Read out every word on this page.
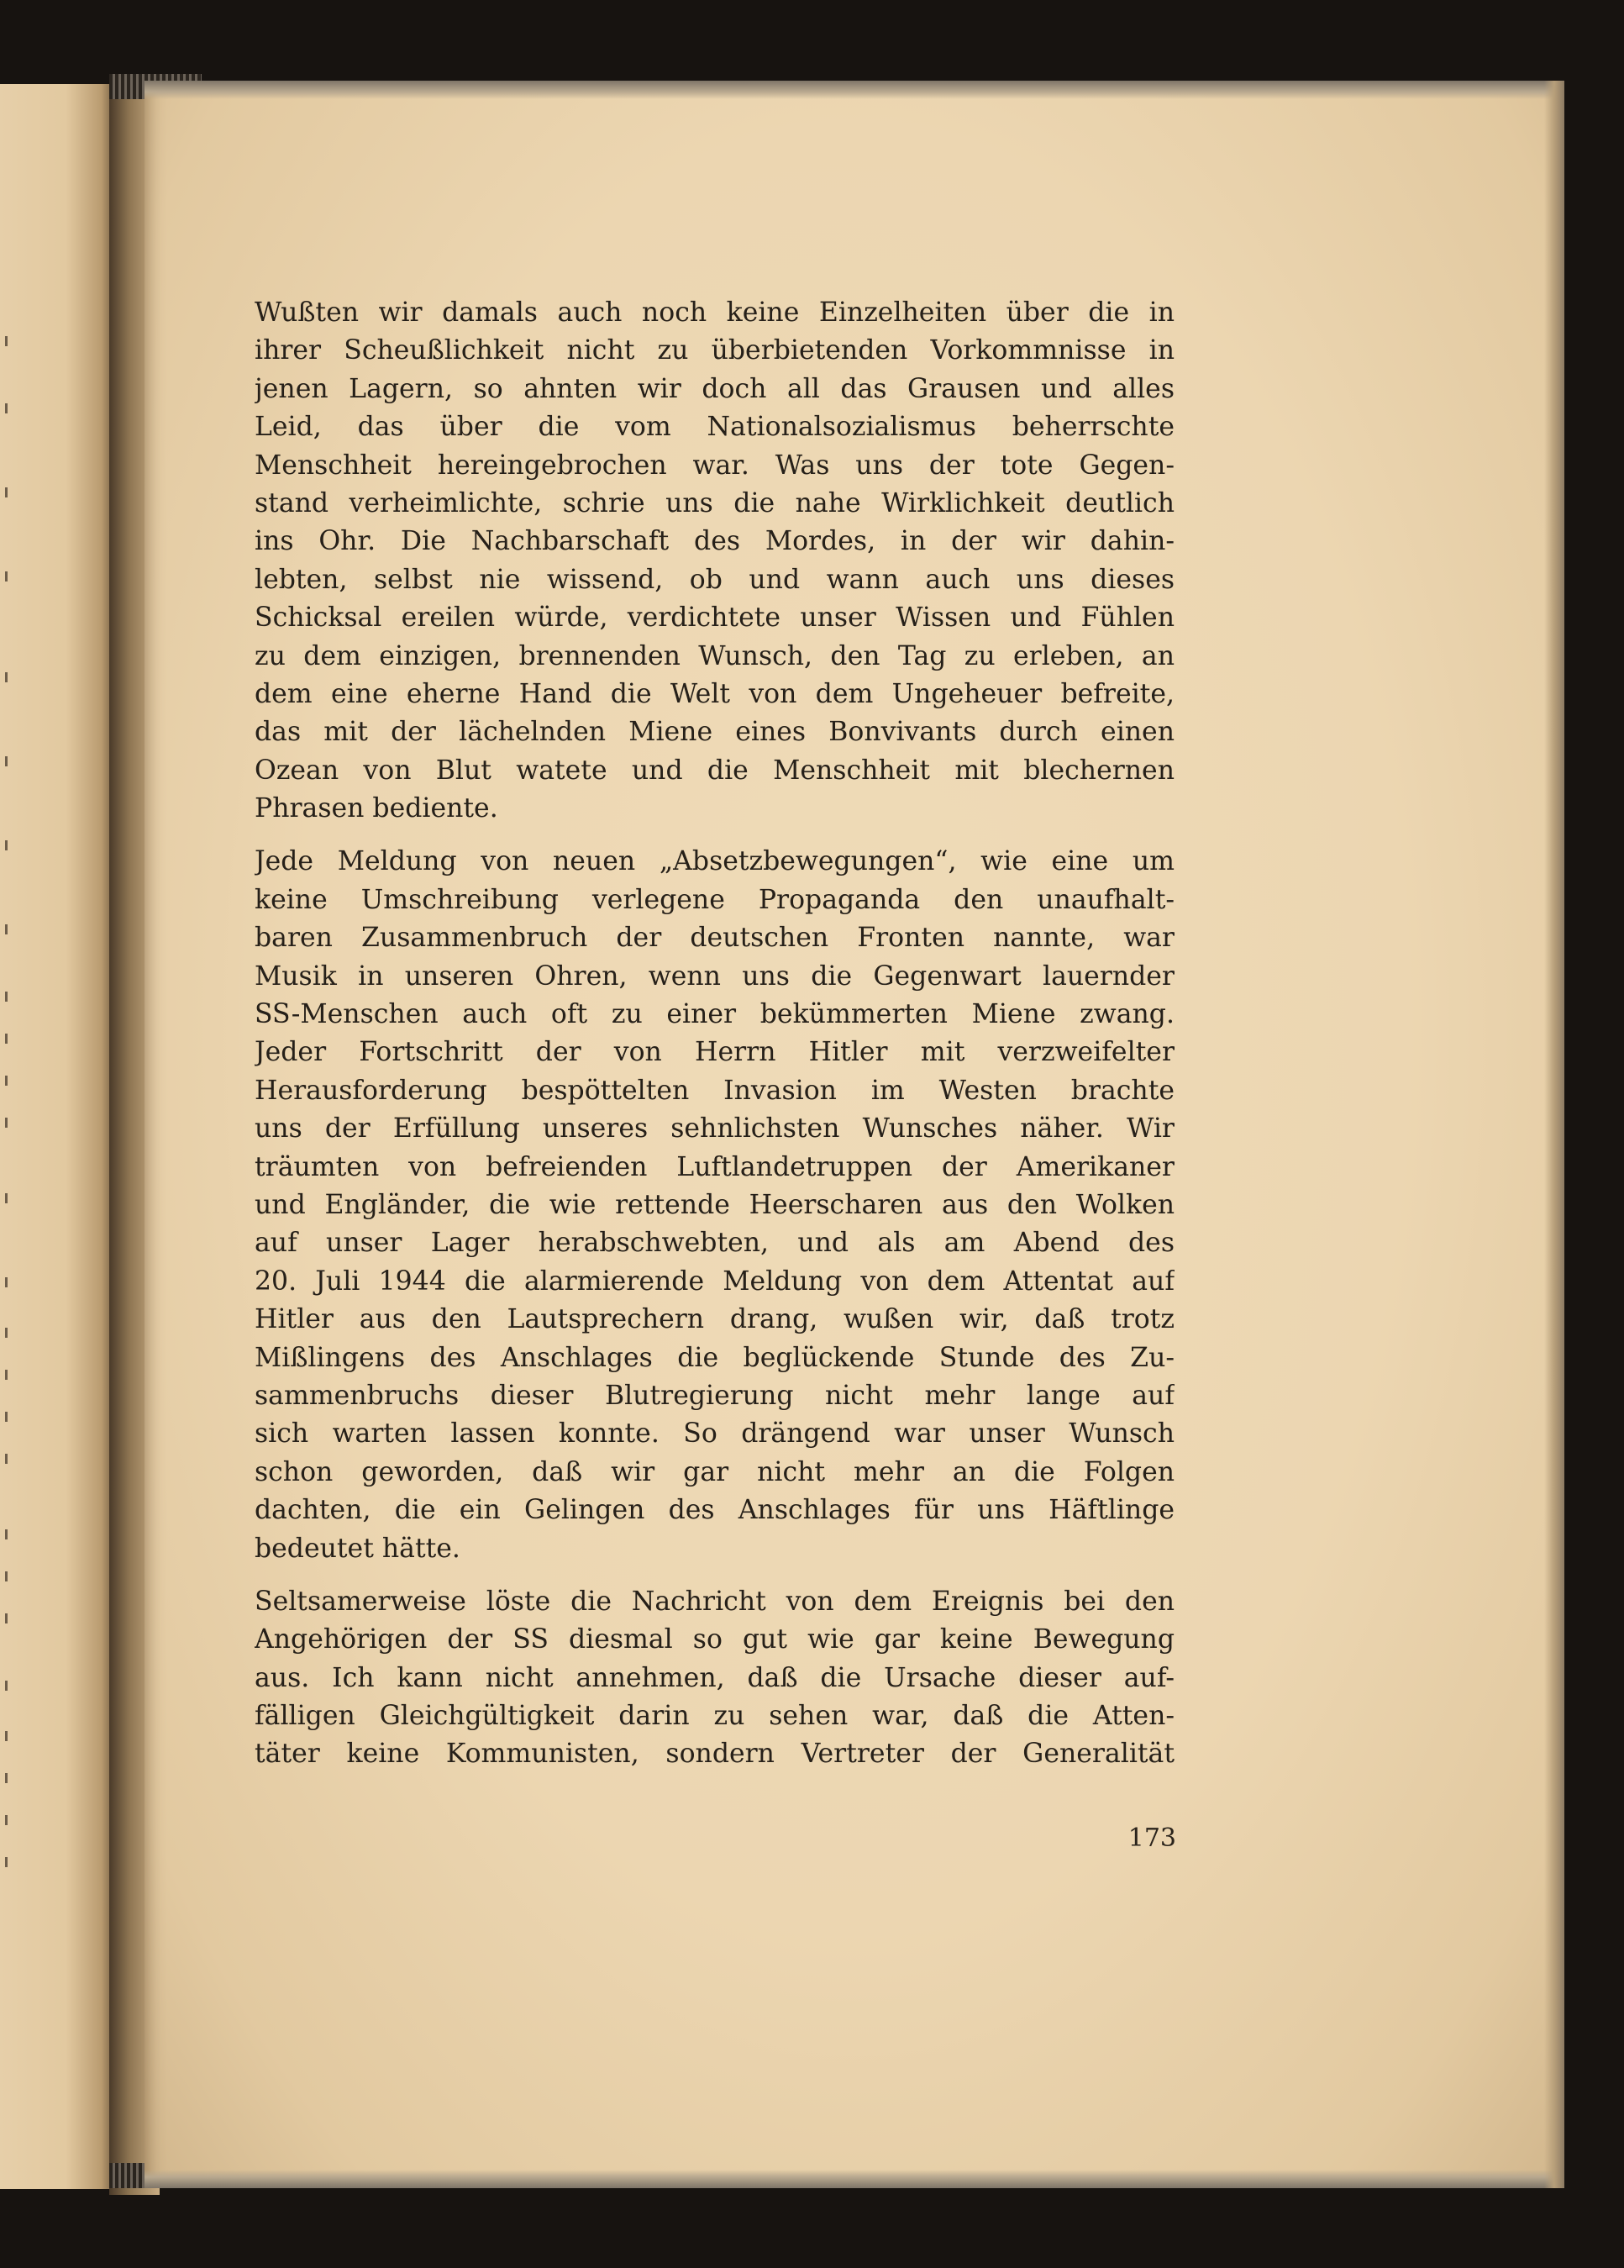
Wußten wir damals auch noch keine Einzelheiten über die in
ihrer Scheußlichkeit nicht zu überbietenden Vorkommnisse in
jenen Lagern, so ahnten wir doch all das Grausen und alles
Leid, das über die vom Nationalsozialismus beherrschte
Menschheit hereingebrochen war. Was uns der tote Gegen-
stand verheimlichte, schrie uns die nahe Wirklichkeit deutlich
ins Ohr. Die Nachbarschaft des Mordes, in der wir dahin-
lebten, selbst nie wissend, ob und wann auch uns dieses
Schicksal ereilen würde, verdichtete unser Wissen und Fühlen
zu dem einzigen, brennenden Wunsch, den Tag zu erleben, an
dem eine eherne Hand die Welt von dem Ungeheuer befreite,
das mit der lächelnden Miene eines Bonvivants durch einen
Ozean von Blut watete und die Menschheit mit blechernen
Phrasen bediente.
Jede Meldung von neuen „Absetzbewegungen“, wie eine um
keine Umschreibung verlegene Propaganda den unaufhalt-
baren Zusammenbruch der deutschen Fronten nannte, war
Musik in unseren Ohren, wenn uns die Gegenwart lauernder
SS-Menschen auch oft zu einer bekümmerten Miene zwang.
Jeder Fortschritt der von Herrn Hitler mit verzweifelter
Herausforderung bespöttelten Invasion im Westen brachte
uns der Erfüllung unseres sehnlichsten Wunsches näher. Wir
träumten von befreienden Luftlandetruppen der Amerikaner
und Engländer, die wie rettende Heerscharen aus den Wolken
auf unser Lager herabschwebten, und als am Abend des
20. Juli 1944 die alarmierende Meldung von dem Attentat auf
Hitler aus den Lautsprechern drang, wußen wir, daß trotz
Mißlingens des Anschlages die beglückende Stunde des Zu-
sammenbruchs dieser Blutregierung nicht mehr lange auf
sich warten lassen konnte. So drängend war unser Wunsch
schon geworden, daß wir gar nicht mehr an die Folgen
dachten, die ein Gelingen des Anschlages für uns Häftlinge
bedeutet hätte.
Seltsamerweise löste die Nachricht von dem Ereignis bei den
Angehörigen der SS diesmal so gut wie gar keine Bewegung
aus. Ich kann nicht annehmen, daß die Ursache dieser auf-
fälligen Gleichgültigkeit darin zu sehen war, daß die Atten-
täter keine Kommunisten, sondern Vertreter der Generalität
173
